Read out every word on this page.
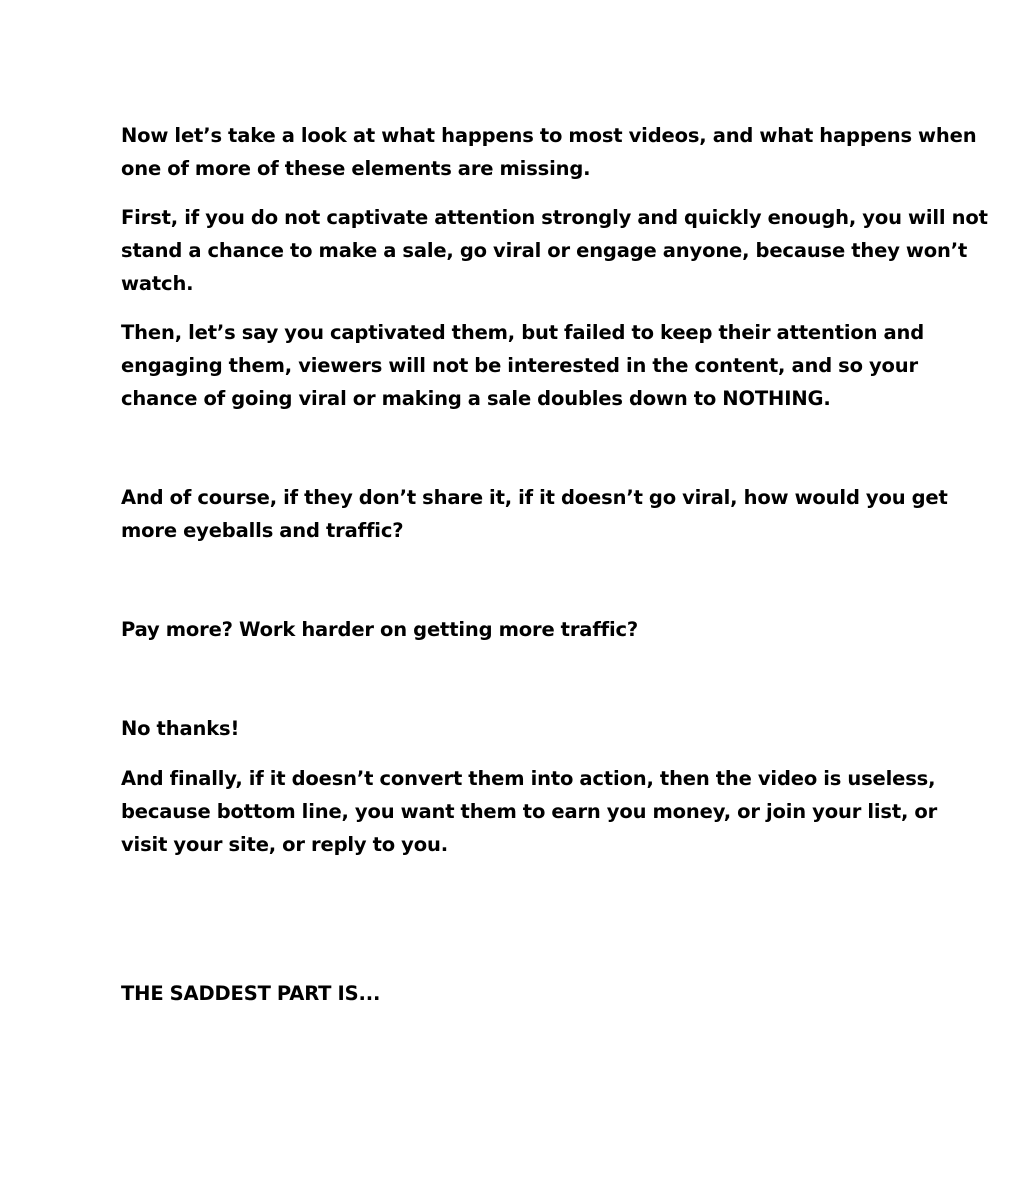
Now let’s take a look at what happens to most videos, and what happens when
one of more of these elements are missing.

First, if you do not captivate attention strongly and quickly enough, you will not
stand a chance to make a sale, go viral or engage anyone, because they won’t
watch.

Then, let’s say you captivated them, but failed to keep their attention and
engaging them, viewers will not be interested in the content, and so your
chance of going viral or making a sale doubles down to NOTHING.

And of course, if they don’t share it, if it doesn’t go viral, how would you get
more eyeballs and traffic?

Pay more? Work harder on getting more traffic?

No thanks!

And finally, if it doesn’t convert them into action, then the video is useless,
because bottom line, you want them to earn you money, or join your list, or
visit your site, or reply to you.

THE SADDEST PART IS...
